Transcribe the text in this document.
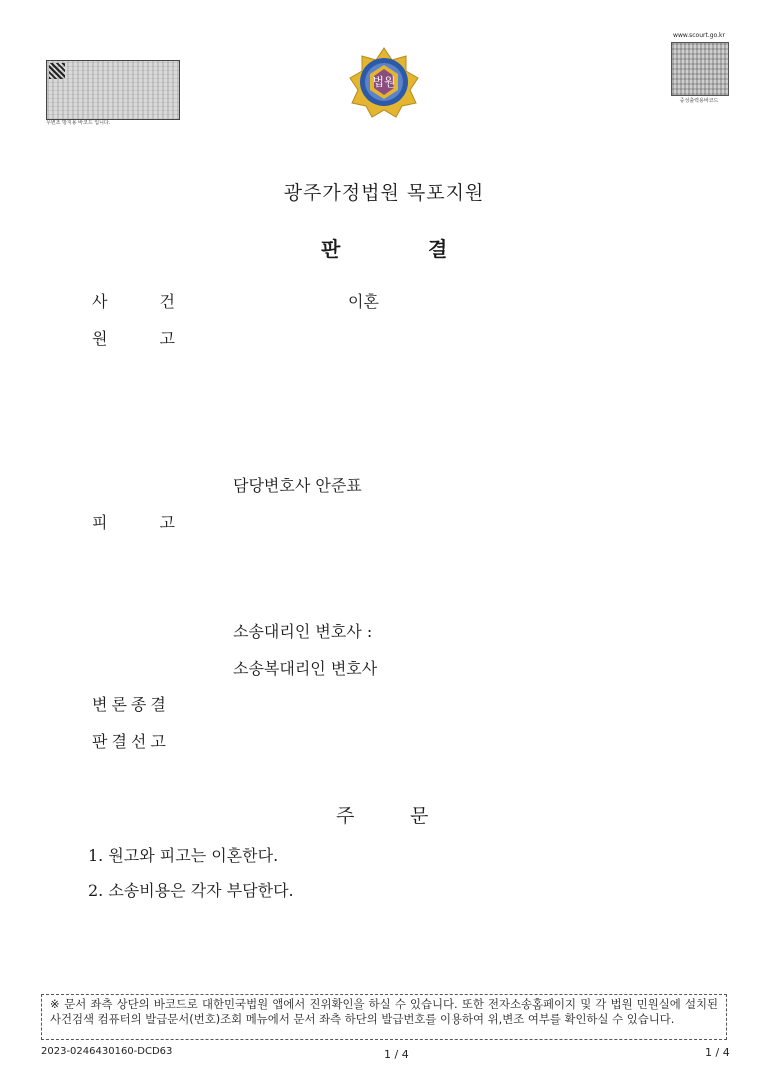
우변조 방지용 바코드 입니다.
법원
www.scourt.go.kr
중성출력용바코드
광주가정법원 목포지원
판	결
사	건	이혼
원	고
담당변호사 안준표
피	고
소송대리인 변호사 :
소송복대리인 변호사
변론종결
판결선고
주	문
1. 원고와 피고는 이혼한다.
2. 소송비용은 각자 부담한다.
※ 문서 좌측 상단의 바코드로 대한민국법원 앱에서 진위확인을 하실 수 있습니다. 또한 전자소송홈페이지 및 각 법원 민원실에 설치된 사건검색 컴퓨터의 발급문서(번호)조회 메뉴에서 문서 좌측 하단의 발급번호를 이용하여 위,변조 여부를 확인하실 수 있습니다.
2023-0246430160-DCD63	1 / 4	1 / 4
